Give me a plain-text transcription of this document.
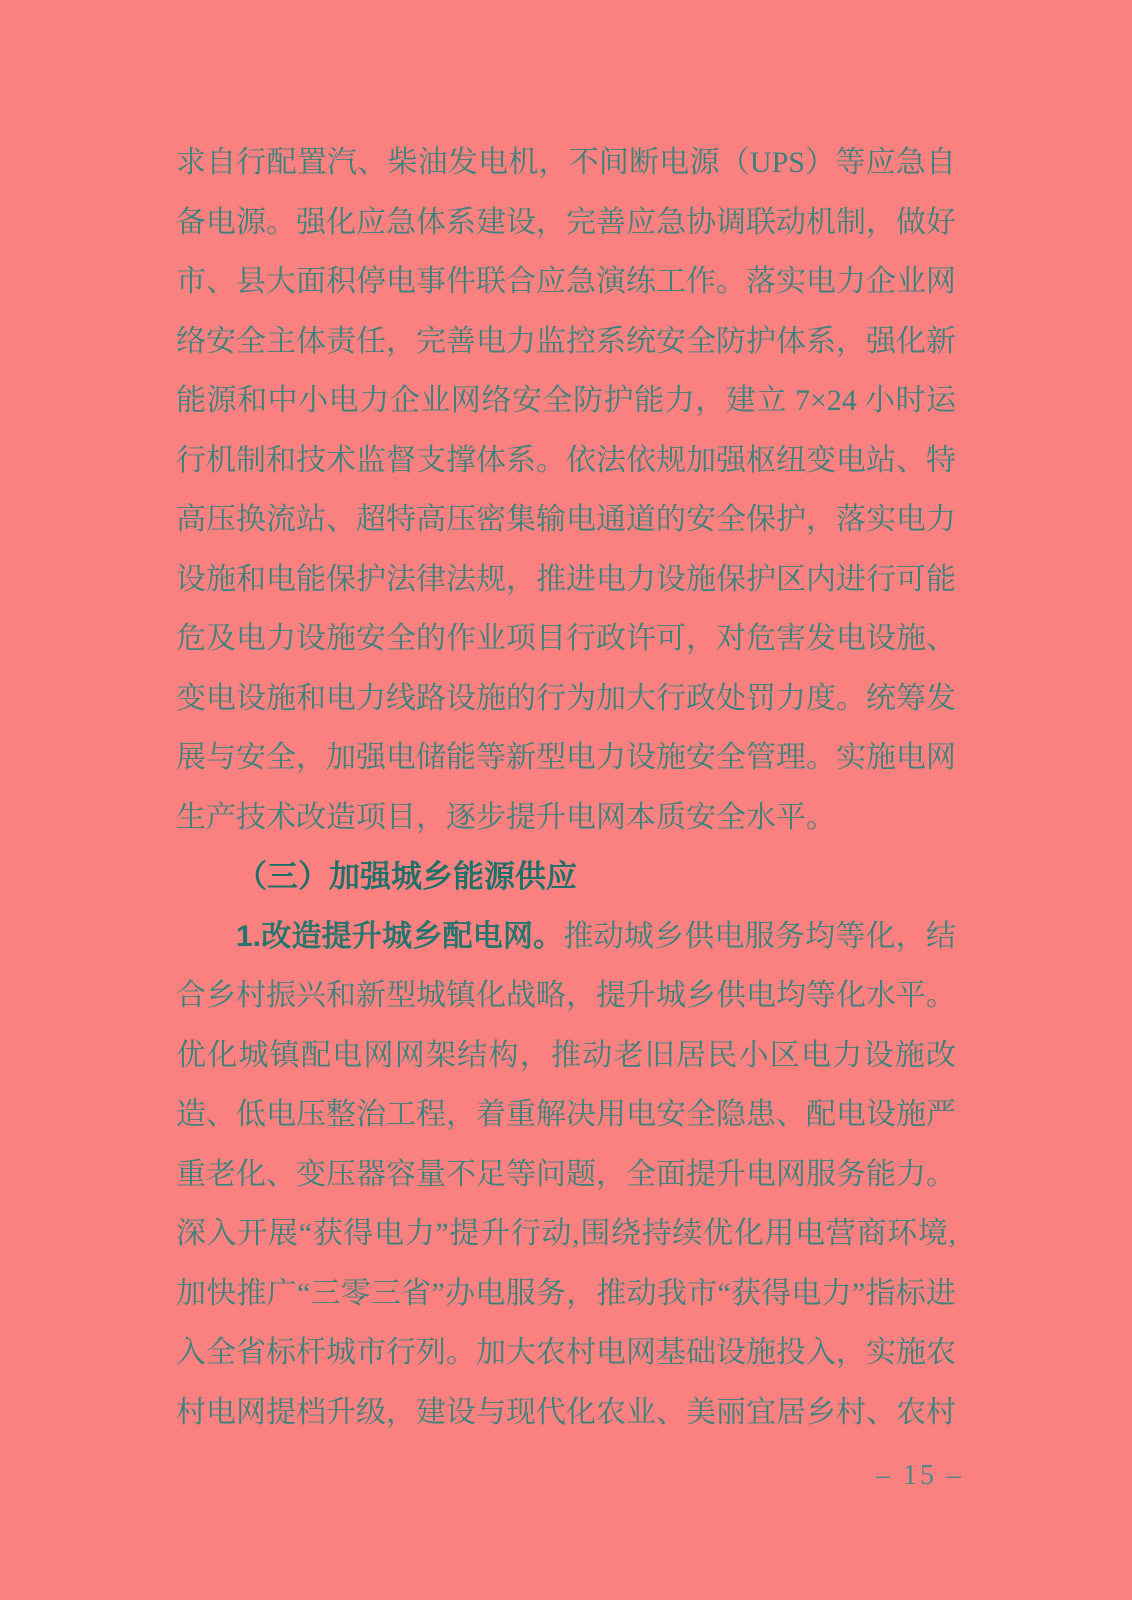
求自行配置汽、柴油发电机，不间断电源（UPS）等应急自
备电源。强化应急体系建设，完善应急协调联动机制，做好
市、县大面积停电事件联合应急演练工作。落实电力企业网
络安全主体责任，完善电力监控系统安全防护体系，强化新
能源和中小电力企业网络安全防护能力，建立 7×24 小时运
行机制和技术监督支撑体系。依法依规加强枢纽变电站、特
高压换流站、超特高压密集输电通道的安全保护，落实电力
设施和电能保护法律法规，推进电力设施保护区内进行可能
危及电力设施安全的作业项目行政许可，对危害发电设施、
变电设施和电力线路设施的行为加大行政处罚力度。统筹发
展与安全，加强电储能等新型电力设施安全管理。实施电网
生产技术改造项目，逐步提升电网本质安全水平。
（三）加强城乡能源供应
1.改造提升城乡配电网。推动城乡供电服务均等化，结
合乡村振兴和新型城镇化战略，提升城乡供电均等化水平。
优化城镇配电网网架结构，推动老旧居民小区电力设施改
造、低电压整治工程，着重解决用电安全隐患、配电设施严
重老化、变压器容量不足等问题，全面提升电网服务能力。
深入开展“获得电力”提升行动,围绕持续优化用电营商环境,
加快推广“三零三省”办电服务，推动我市“获得电力”指标进
入全省标杆城市行列。加大农村电网基础设施投入，实施农
村电网提档升级，建设与现代化农业、美丽宜居乡村、农村
– 15 –
